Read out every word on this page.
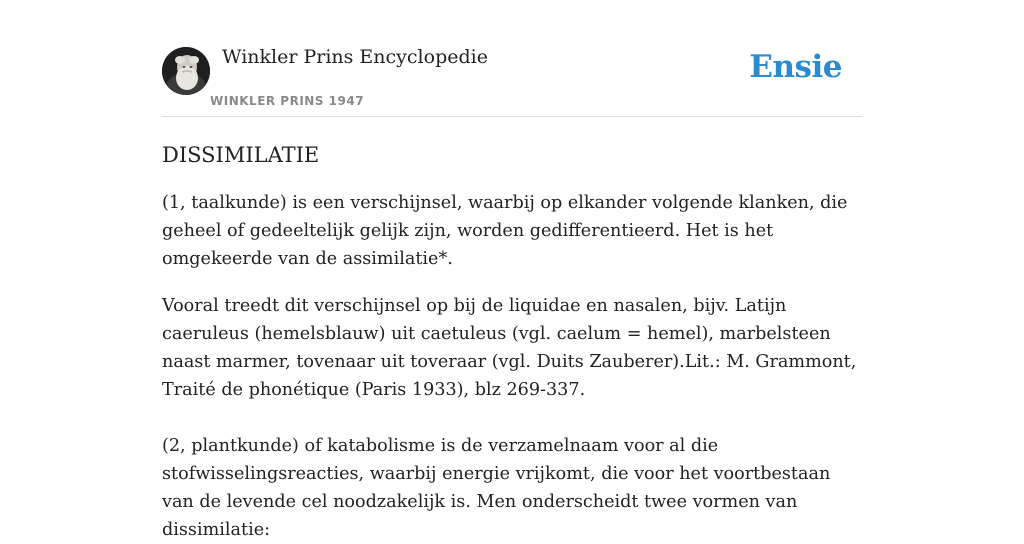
Winkler Prins Encyclopedie
WINKLER PRINS 1947
Ensie
DISSIMILATIE

(1, taalkunde) is een verschijnsel, waarbij op elkander volgende klanken, die geheel of gedeeltelijk gelijk zijn, worden gedifferentieerd. Het is het omgekeerde van de assimilatie*.

Vooral treedt dit verschijnsel op bij de liquidae en nasalen, bijv. Latijn caeruleus (hemelsblauw) uit caetuleus (vgl. caelum = hemel), marbelsteen naast marmer, tovenaar uit toveraar (vgl. Duits Zauberer).Lit.: M. Grammont, Traité de phonétique (Paris 1933), blz 269-337.

(2, plantkunde) of katabolisme is de verzamelnaam voor al die stofwisselingsreacties, waarbij energie vrijkomt, die voor het voortbestaan van de levende cel noodzakelijk is. Men onderscheidt twee vormen van dissimilatie:
